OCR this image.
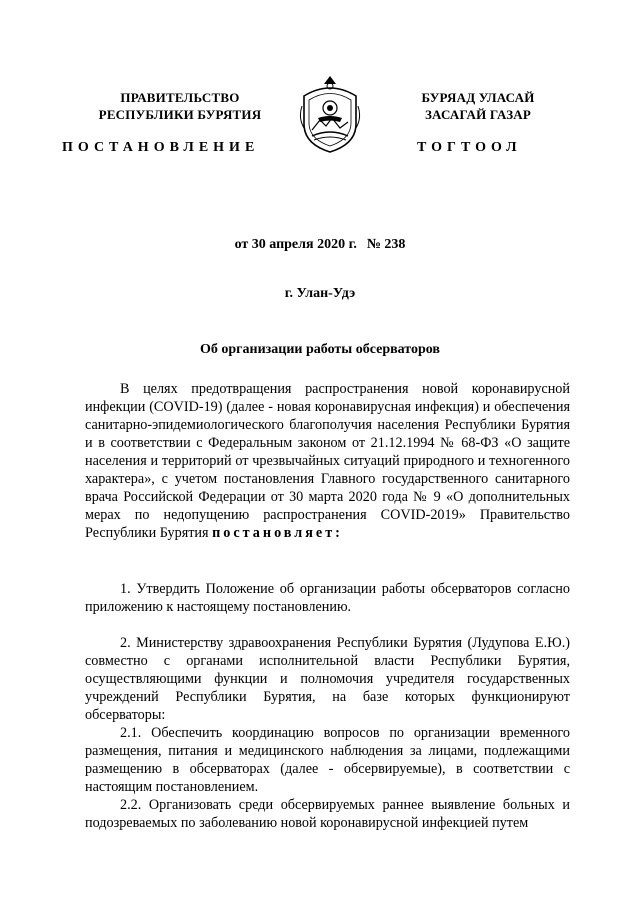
ПРАВИТЕЛЬСТВО
РЕСПУБЛИКИ БУРЯТИЯ
БУРЯАД УЛАСАЙ
ЗАСАГАЙ ГАЗАР
ПОСТАНОВЛЕНИЕ	ТОГТООЛ
от 30 апреля 2020 г. № 238
г. Улан-Удэ
Об организации работы обсерваторов

В целях предотвращения распространения новой коронавирусной инфекции (COVID-19) (далее - новая коронавирусная инфекция) и обеспечения санитарно-эпидемиологического благополучия населения Республики Бурятия и в соответствии с Федеральным законом от 21.12.1994 № 68-ФЗ «О защите населения и территорий от чрезвычайных ситуаций природного и техногенного характера», с учетом постановления Главного государственного санитарного врача Российской Федерации от 30 марта 2020 года № 9 «О дополнительных мерах по недопущению распространения COVID-2019» Правительство Республики Бурятия постановляет:

1. Утвердить Положение об организации работы обсерваторов согласно приложению к настоящему постановлению.

2. Министерству здравоохранения Республики Бурятия (Лудупова Е.Ю.) совместно с органами исполнительной власти Республики Бурятия, осуществляющими функции и полномочия учредителя государственных учреждений Республики Бурятия, на базе которых функционируют обсерваторы:

2.1. Обеспечить координацию вопросов по организации временного размещения, питания и медицинского наблюдения за лицами, подлежащими размещению в обсерваторах (далее - обсервируемые), в соответствии с настоящим постановлением.

2.2. Организовать среди обсервируемых раннее выявление больных и подозреваемых по заболеванию новой коронавирусной инфекцией путем
